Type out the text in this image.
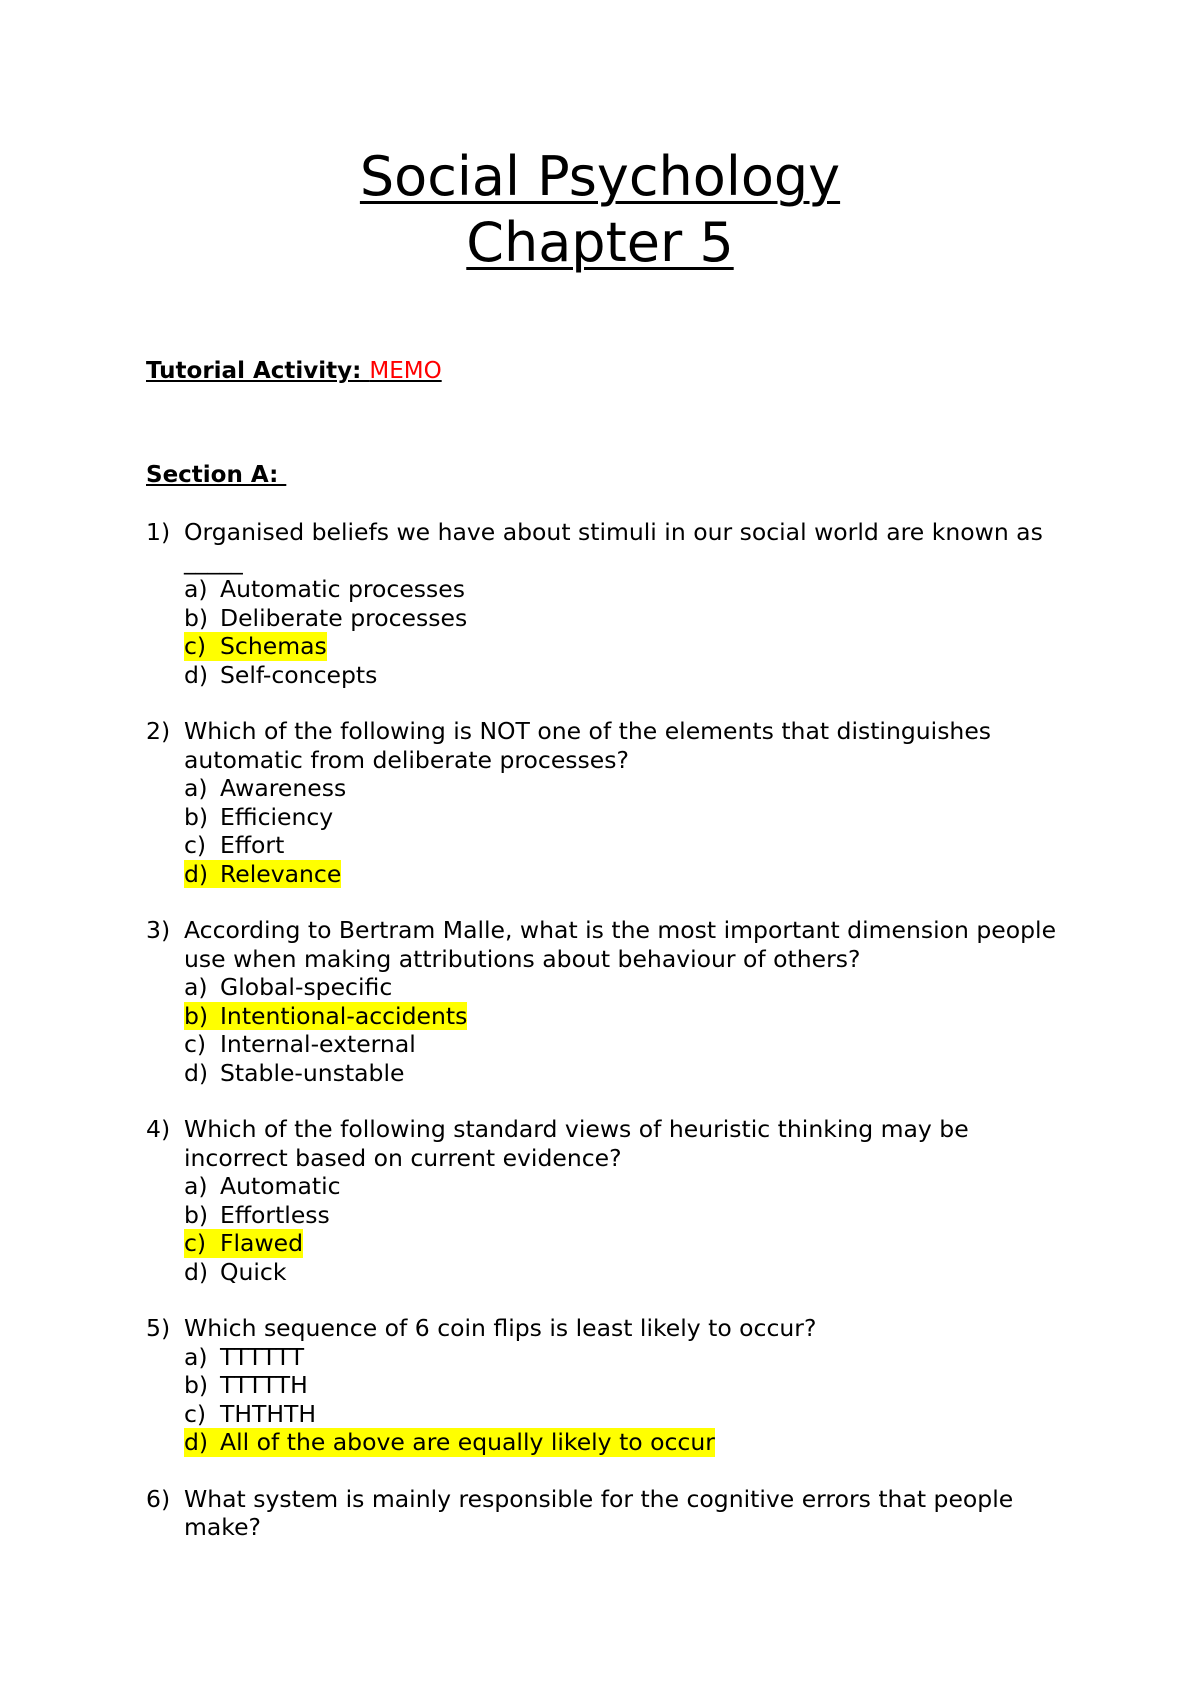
Social Psychology
Chapter 5
Tutorial Activity: MEMO
Section A:
1) Organised beliefs we have about stimuli in our social world are known as _____
a) Automatic processes
b) Deliberate processes
c) Schemas
d) Self-concepts
2) Which of the following is NOT one of the elements that distinguishes automatic from deliberate processes?
a) Awareness
b) Efficiency
c) Effort
d) Relevance
3) According to Bertram Malle, what is the most important dimension people use when making attributions about behaviour of others?
a) Global-specific
b) Intentional-accidents
c) Internal-external
d) Stable-unstable
4) Which of the following standard views of heuristic thinking may be incorrect based on current evidence?
a) Automatic
b) Effortless
c) Flawed
d) Quick
5) Which sequence of 6 coin flips is least likely to occur?
a) TTTTTT
b) TTTTTH
c) THTHTH
d) All of the above are equally likely to occur
6) What system is mainly responsible for the cognitive errors that people make?
